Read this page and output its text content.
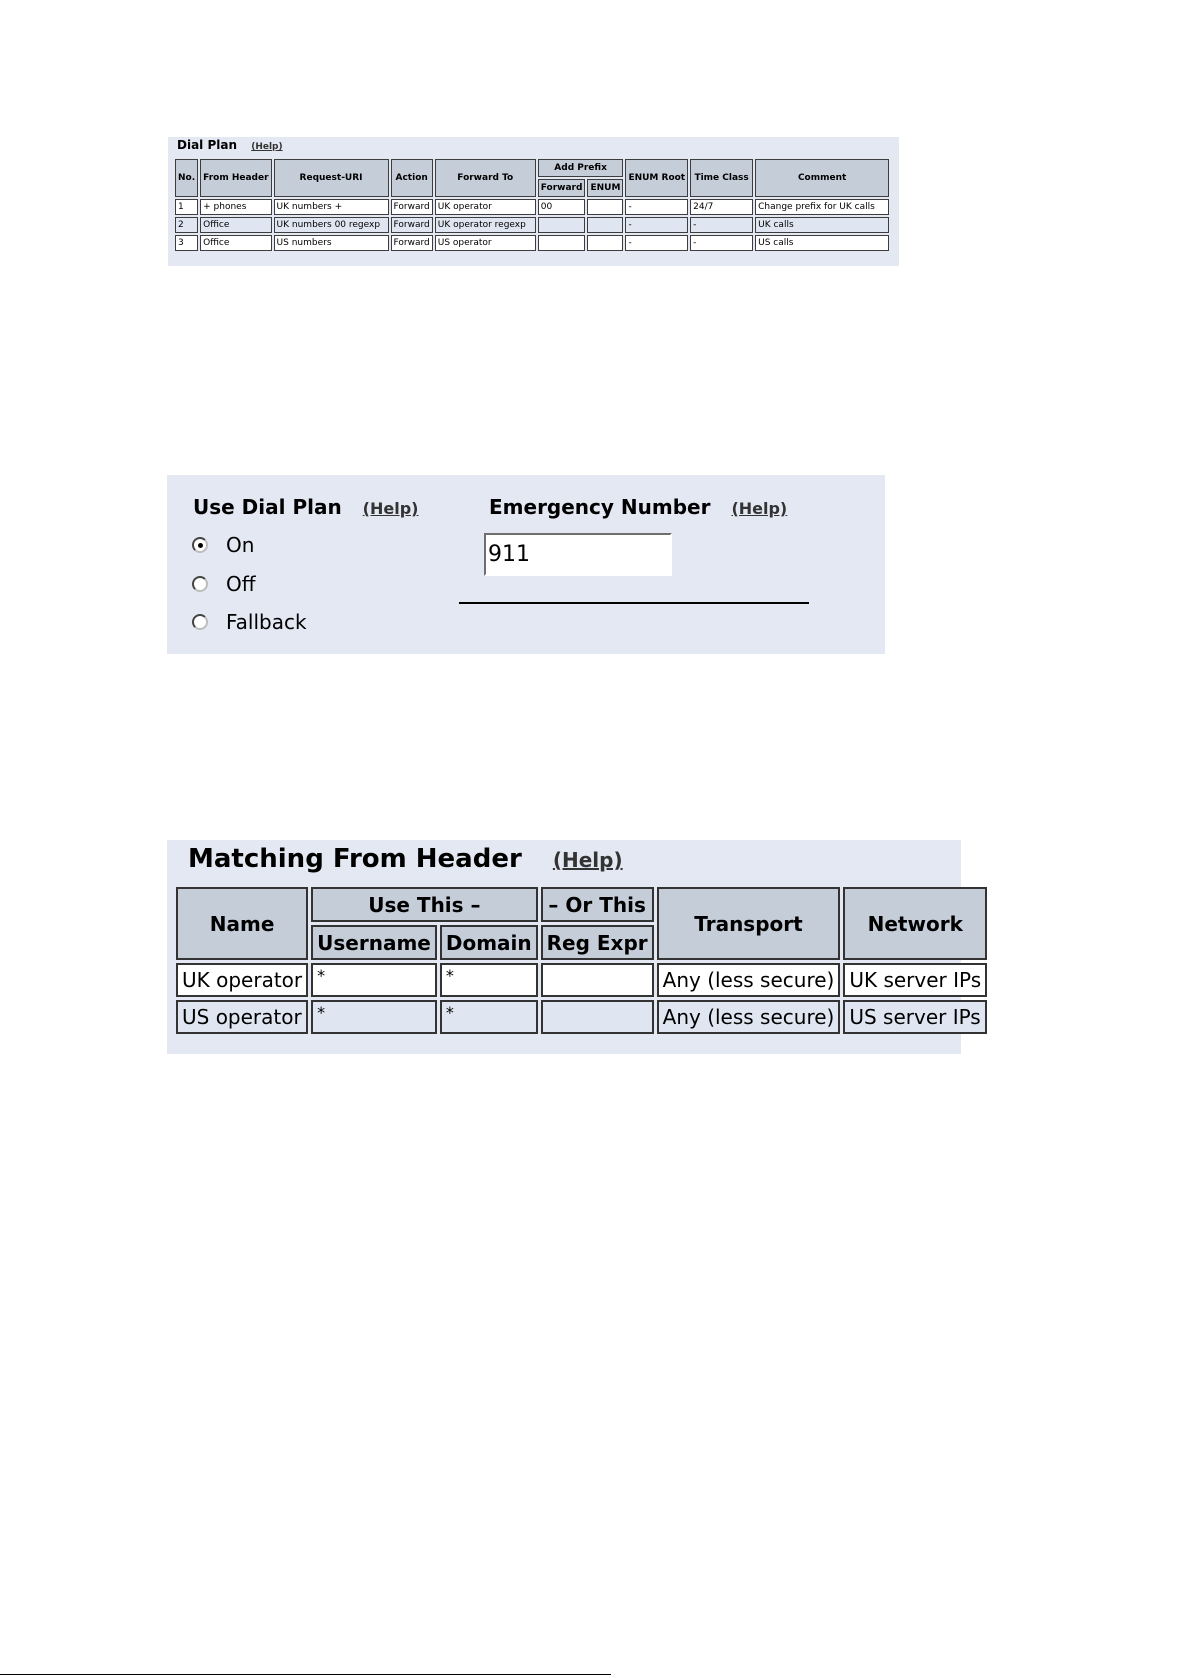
Dial Plan (Help)
No.	From Header	Request-URI	Action	Forward To	Add Prefix		ENUM Root	Time Class	Comment
					Forward	ENUM			
1	+ phones	UK numbers +	Forward	UK operator	00		-	24/7	Change prefix for UK calls
2	Office	UK numbers 00 regexp	Forward	UK operator regexp			-	-	UK calls
3	Office	US numbers	Forward	US operator			-	-	US calls
Use Dial Plan (Help)
On
Off
Fallback
Emergency Number (Help)
911
Matching From Header (Help)
Name	Use This –		– Or This	Transport	Network
	Username	Domain	Reg Expr		
UK operator	*	*		Any (less secure)	UK server IPs
US operator	*	*		Any (less secure)	US server IPs
